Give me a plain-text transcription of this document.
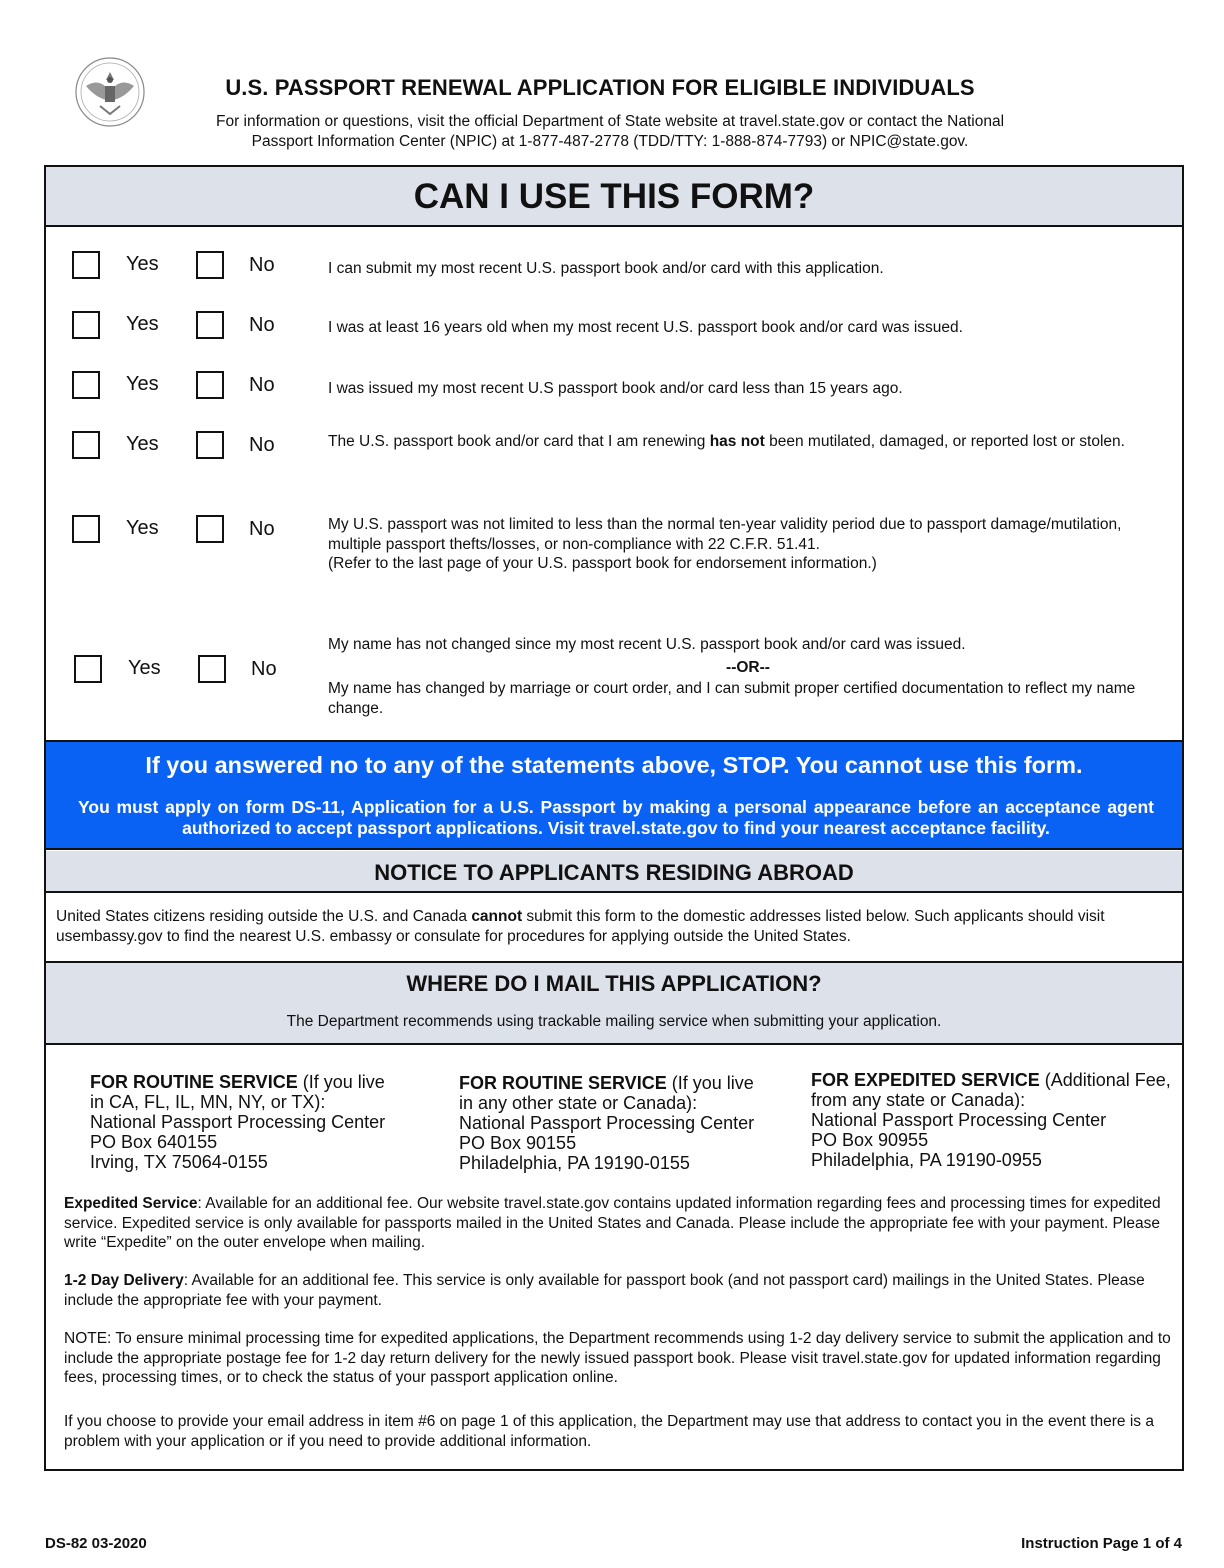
U.S. PASSPORT RENEWAL APPLICATION FOR ELIGIBLE INDIVIDUALS
For information or questions, visit the official Department of State website at travel.state.gov or contact the National
Passport Information Center (NPIC) at 1-877-487-2778 (TDD/TTY: 1-888-874-7793) or NPIC@state.gov.
CAN I USE THIS FORM?
Yes	No	I can submit my most recent U.S. passport book and/or card with this application.
Yes	No	I was at least 16 years old when my most recent U.S. passport book and/or card was issued.
Yes	No	I was issued my most recent U.S passport book and/or card less than 15 years ago.
Yes	No	The U.S. passport book and/or card that I am renewing has not been mutilated, damaged, or reported lost or stolen.
Yes	No	My U.S. passport was not limited to less than the normal ten-year validity period due to passport damage/mutilation, multiple passport thefts/losses, or non-compliance with 22 C.F.R. 51.41.
(Refer to the last page of your U.S. passport book for endorsement information.)
Yes	No
My name has not changed since my most recent U.S. passport book and/or card was issued.
--OR--
My name has changed by marriage or court order, and I can submit proper certified documentation to reflect my name change.
If you answered no to any of the statements above, STOP. You cannot use this form.
You must apply on form DS-11, Application for a U.S. Passport by making a personal appearance before an acceptance agent authorized to accept passport applications. Visit travel.state.gov to find your nearest acceptance facility.
NOTICE TO APPLICANTS RESIDING ABROAD
United States citizens residing outside the U.S. and Canada cannot submit this form to the domestic addresses listed below. Such applicants should visit usembassy.gov to find the nearest U.S. embassy or consulate for procedures for applying outside the United States.
WHERE DO I MAIL THIS APPLICATION?
The Department recommends using trackable mailing service when submitting your application.
FOR ROUTINE SERVICE (If you live in CA, FL, IL, MN, NY, or TX):
National Passport Processing Center
PO Box 640155
Irving, TX 75064-0155
FOR ROUTINE SERVICE (If you live in any other state or Canada):
National Passport Processing Center
PO Box 90155
Philadelphia, PA 19190-0155
FOR EXPEDITED SERVICE (Additional Fee, from any state or Canada):
National Passport Processing Center
PO Box 90955
Philadelphia, PA 19190-0955
Expedited Service: Available for an additional fee. Our website travel.state.gov contains updated information regarding fees and processing times for expedited service. Expedited service is only available for passports mailed in the United States and Canada. Please include the appropriate fee with your payment. Please write “Expedite” on the outer envelope when mailing.
1-2 Day Delivery: Available for an additional fee. This service is only available for passport book (and not passport card) mailings in the United States. Please include the appropriate fee with your payment.
NOTE: To ensure minimal processing time for expedited applications, the Department recommends using 1-2 day delivery service to submit the application and to include the appropriate postage fee for 1-2 day return delivery for the newly issued passport book. Please visit travel.state.gov for updated information regarding fees, processing times, or to check the status of your passport application online.
If you choose to provide your email address in item #6 on page 1 of this application, the Department may use that address to contact you in the event there is a problem with your application or if you need to provide additional information.
DS-82 03-2020	Instruction Page 1 of 4
